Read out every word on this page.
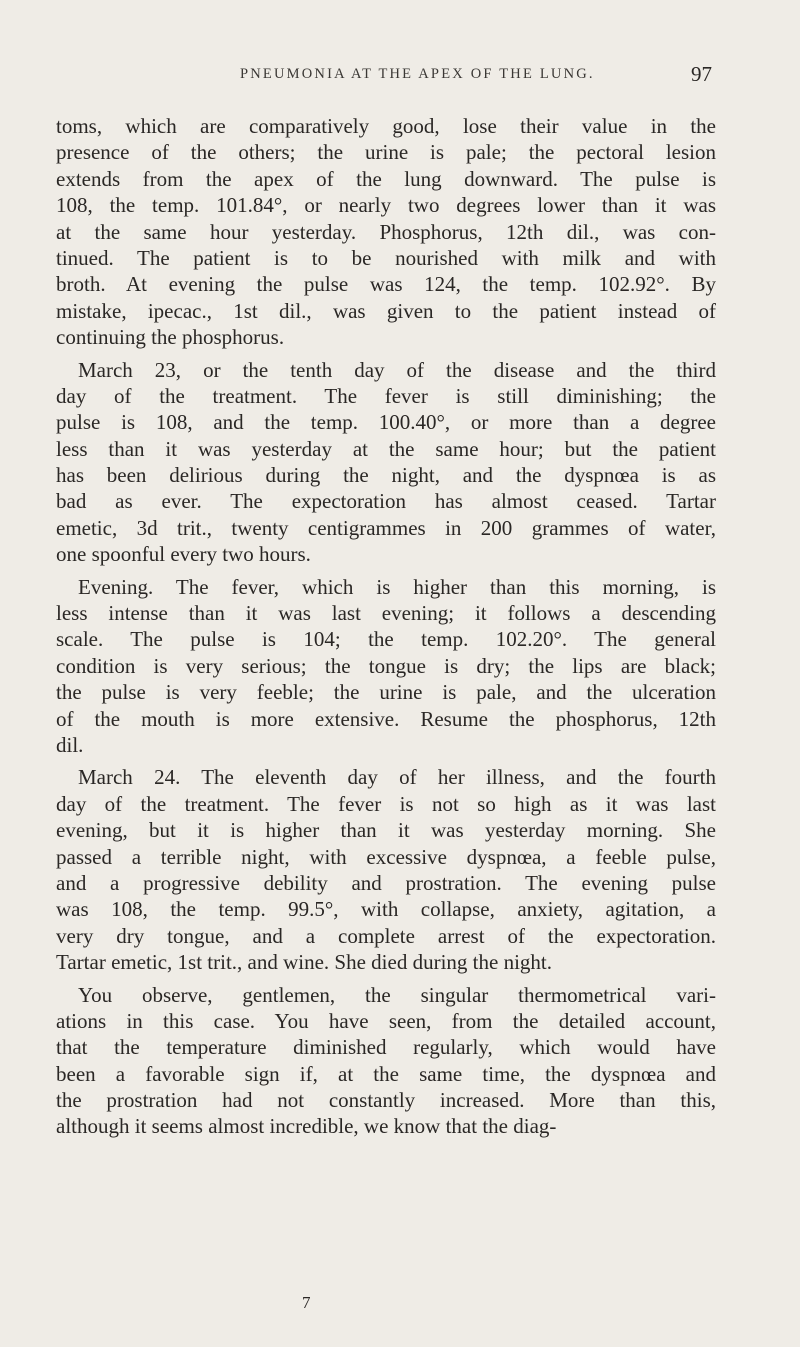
PNEUMONIA AT THE APEX OF THE LUNG.	97
toms, which are comparatively good, lose their value in the
presence of the others; the urine is pale; the pectoral lesion
extends from the apex of the lung downward. The pulse is
108, the temp. 101.84°, or nearly two degrees lower than it was
at the same hour yesterday. Phosphorus, 12th dil., was con-
tinued. The patient is to be nourished with milk and with
broth. At evening the pulse was 124, the temp. 102.92°. By
mistake, ipecac., 1st dil., was given to the patient instead of
continuing the phosphorus.
March 23, or the tenth day of the disease and the third
day of the treatment. The fever is still diminishing; the
pulse is 108, and the temp. 100.40°, or more than a degree
less than it was yesterday at the same hour; but the patient
has been delirious during the night, and the dyspnœa is as
bad as ever. The expectoration has almost ceased. Tartar
emetic, 3d trit., twenty centigrammes in 200 grammes of water,
one spoonful every two hours.
Evening. The fever, which is higher than this morning, is
less intense than it was last evening; it follows a descending
scale. The pulse is 104; the temp. 102.20°. The general
condition is very serious; the tongue is dry; the lips are black;
the pulse is very feeble; the urine is pale, and the ulceration
of the mouth is more extensive. Resume the phosphorus, 12th
dil.
March 24. The eleventh day of her illness, and the fourth
day of the treatment. The fever is not so high as it was last
evening, but it is higher than it was yesterday morning. She
passed a terrible night, with excessive dyspnœa, a feeble pulse,
and a progressive debility and prostration. The evening pulse
was 108, the temp. 99.5°, with collapse, anxiety, agitation, a
very dry tongue, and a complete arrest of the expectoration.
Tartar emetic, 1st trit., and wine. She died during the night.
You observe, gentlemen, the singular thermometrical vari-
ations in this case. You have seen, from the detailed account,
that the temperature diminished regularly, which would have
been a favorable sign if, at the same time, the dyspnœa and
the prostration had not constantly increased. More than this,
although it seems almost incredible, we know that the diag-
7
